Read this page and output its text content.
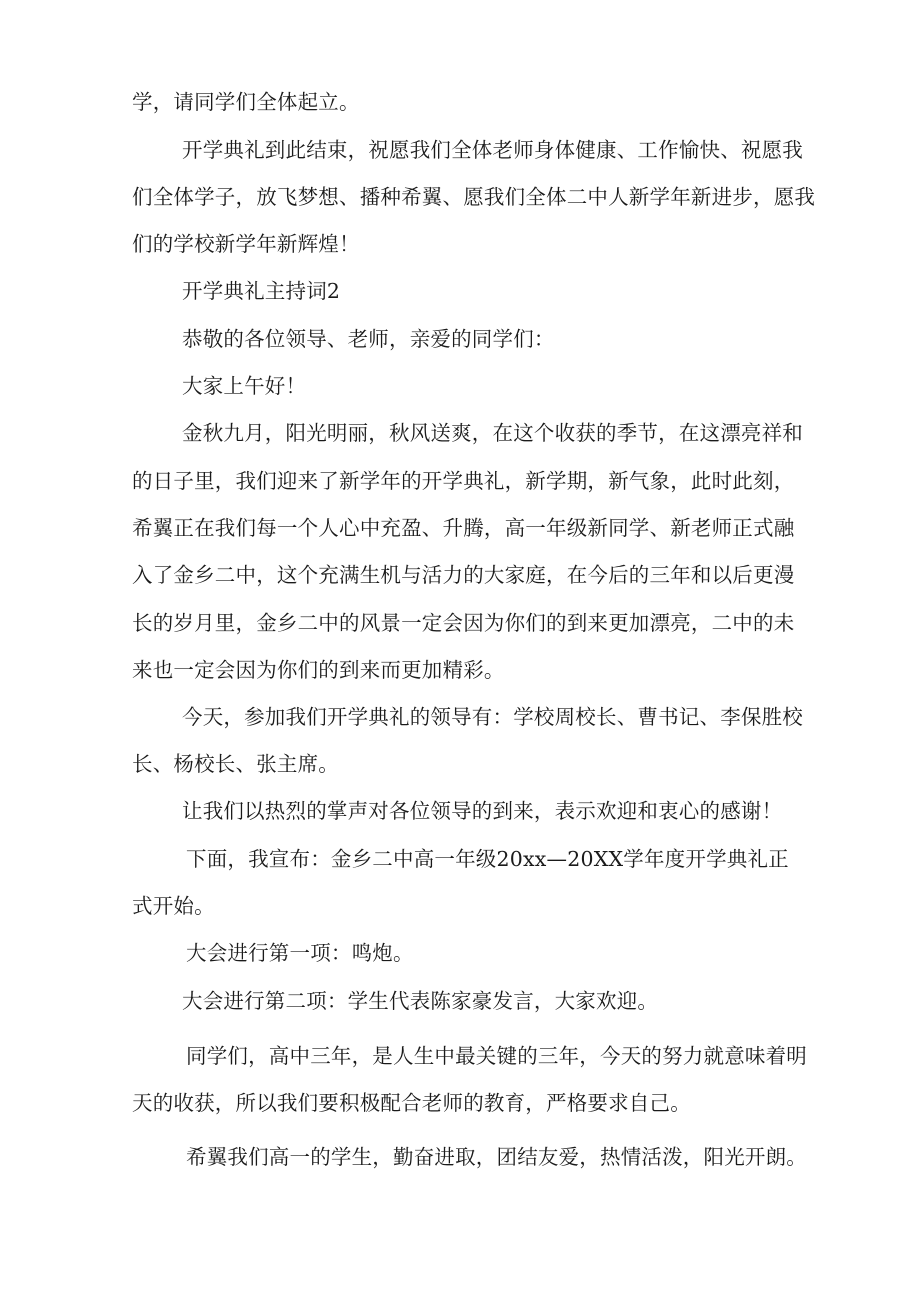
学，请同学们全体起立。
开学典礼到此结束，祝愿我们全体老师身体健康、工作愉快、祝愿我
们全体学子，放飞梦想、播种希翼、愿我们全体二中人新学年新进步，愿我
们的学校新学年新辉煌！
开学典礼主持词2
恭敬的各位领导、老师，亲爱的同学们：
大家上午好！
金秋九月，阳光明丽，秋风送爽，在这个收获的季节，在这漂亮祥和
的日子里，我们迎来了新学年的开学典礼，新学期，新气象，此时此刻，
希翼正在我们每一个人心中充盈、升腾，高一年级新同学、新老师正式融
入了金乡二中，这个充满生机与活力的大家庭，在今后的三年和以后更漫
长的岁月里，金乡二中的风景一定会因为你们的到来更加漂亮，二中的未
来也一定会因为你们的到来而更加精彩。
今天，参加我们开学典礼的领导有：学校周校长、曹书记、李保胜校
长、杨校长、张主席。
让我们以热烈的掌声对各位领导的到来，表示欢迎和衷心的感谢！
下面，我宣布：金乡二中高一年级20xx—20XX学年度开学典礼正
式开始。
大会进行第一项：鸣炮。
大会进行第二项：学生代表陈家豪发言，大家欢迎。
同学们，高中三年，是人生中最关键的三年，今天的努力就意味着明
天的收获，所以我们要积极配合老师的教育，严格要求自己。
希翼我们高一的学生，勤奋进取，团结友爱，热情活泼，阳光开朗。
